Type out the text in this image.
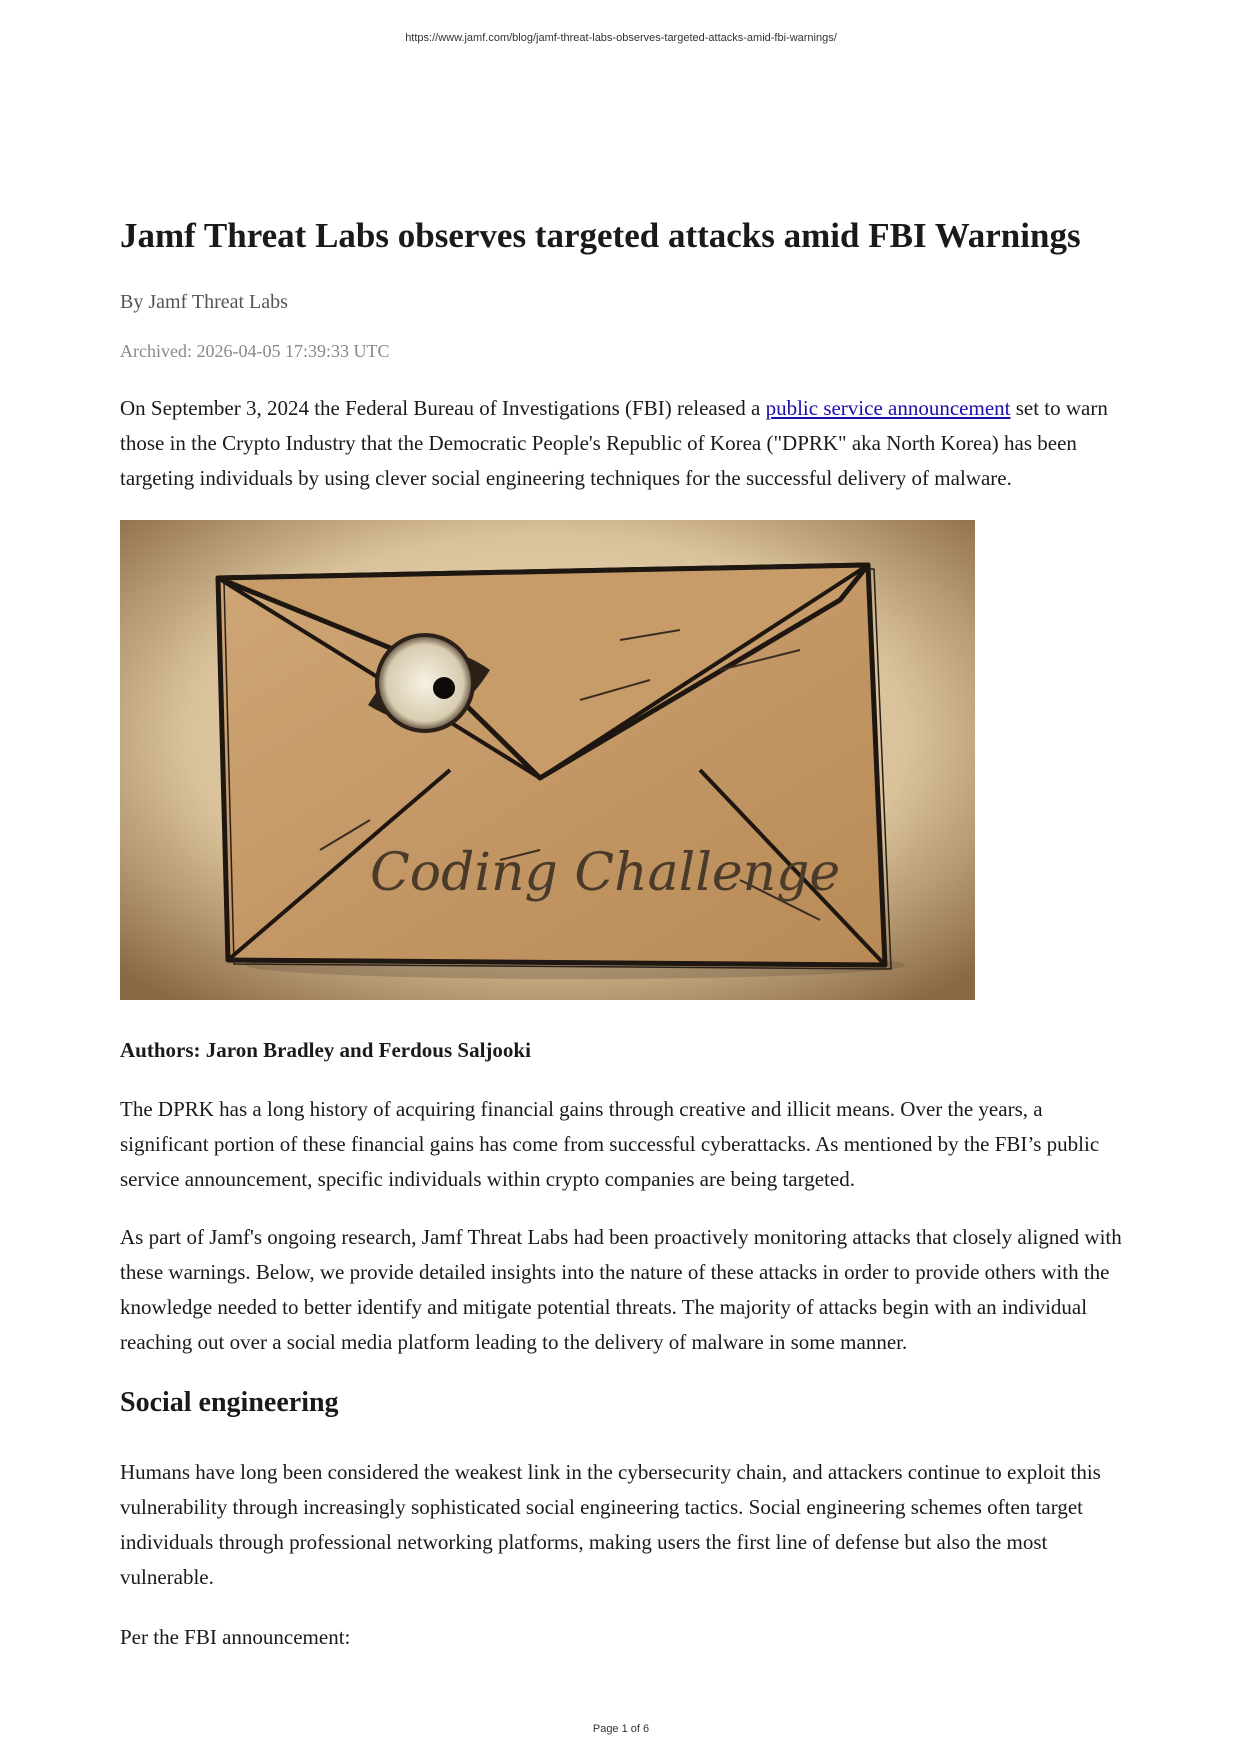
https://www.jamf.com/blog/jamf-threat-labs-observes-targeted-attacks-amid-fbi-warnings/
Jamf Threat Labs observes targeted attacks amid FBI Warnings
By Jamf Threat Labs
Archived: 2026-04-05 17:39:33 UTC

On September 3, 2024 the Federal Bureau of Investigations (FBI) released a public service announcement set to warn those in the Crypto Industry that the Democratic People's Republic of Korea ("DPRK" aka North Korea) has been targeting individuals by using clever social engineering techniques for the successful delivery of malware.

Coding Challenge
Authors: Jaron Bradley and Ferdous Saljooki

The DPRK has a long history of acquiring financial gains through creative and illicit means. Over the years, a significant portion of these financial gains has come from successful cyberattacks. As mentioned by the FBI’s public service announcement, specific individuals within crypto companies are being targeted.

As part of Jamf's ongoing research, Jamf Threat Labs had been proactively monitoring attacks that closely aligned with these warnings. Below, we provide detailed insights into the nature of these attacks in order to provide others with the knowledge needed to better identify and mitigate potential threats. The majority of attacks begin with an individual reaching out over a social media platform leading to the delivery of malware in some manner.

Social engineering

Humans have long been considered the weakest link in the cybersecurity chain, and attackers continue to exploit this vulnerability through increasingly sophisticated social engineering tactics. Social engineering schemes often target individuals through professional networking platforms, making users the first line of defense but also the most vulnerable.

Per the FBI announcement:

Page 1 of 6
